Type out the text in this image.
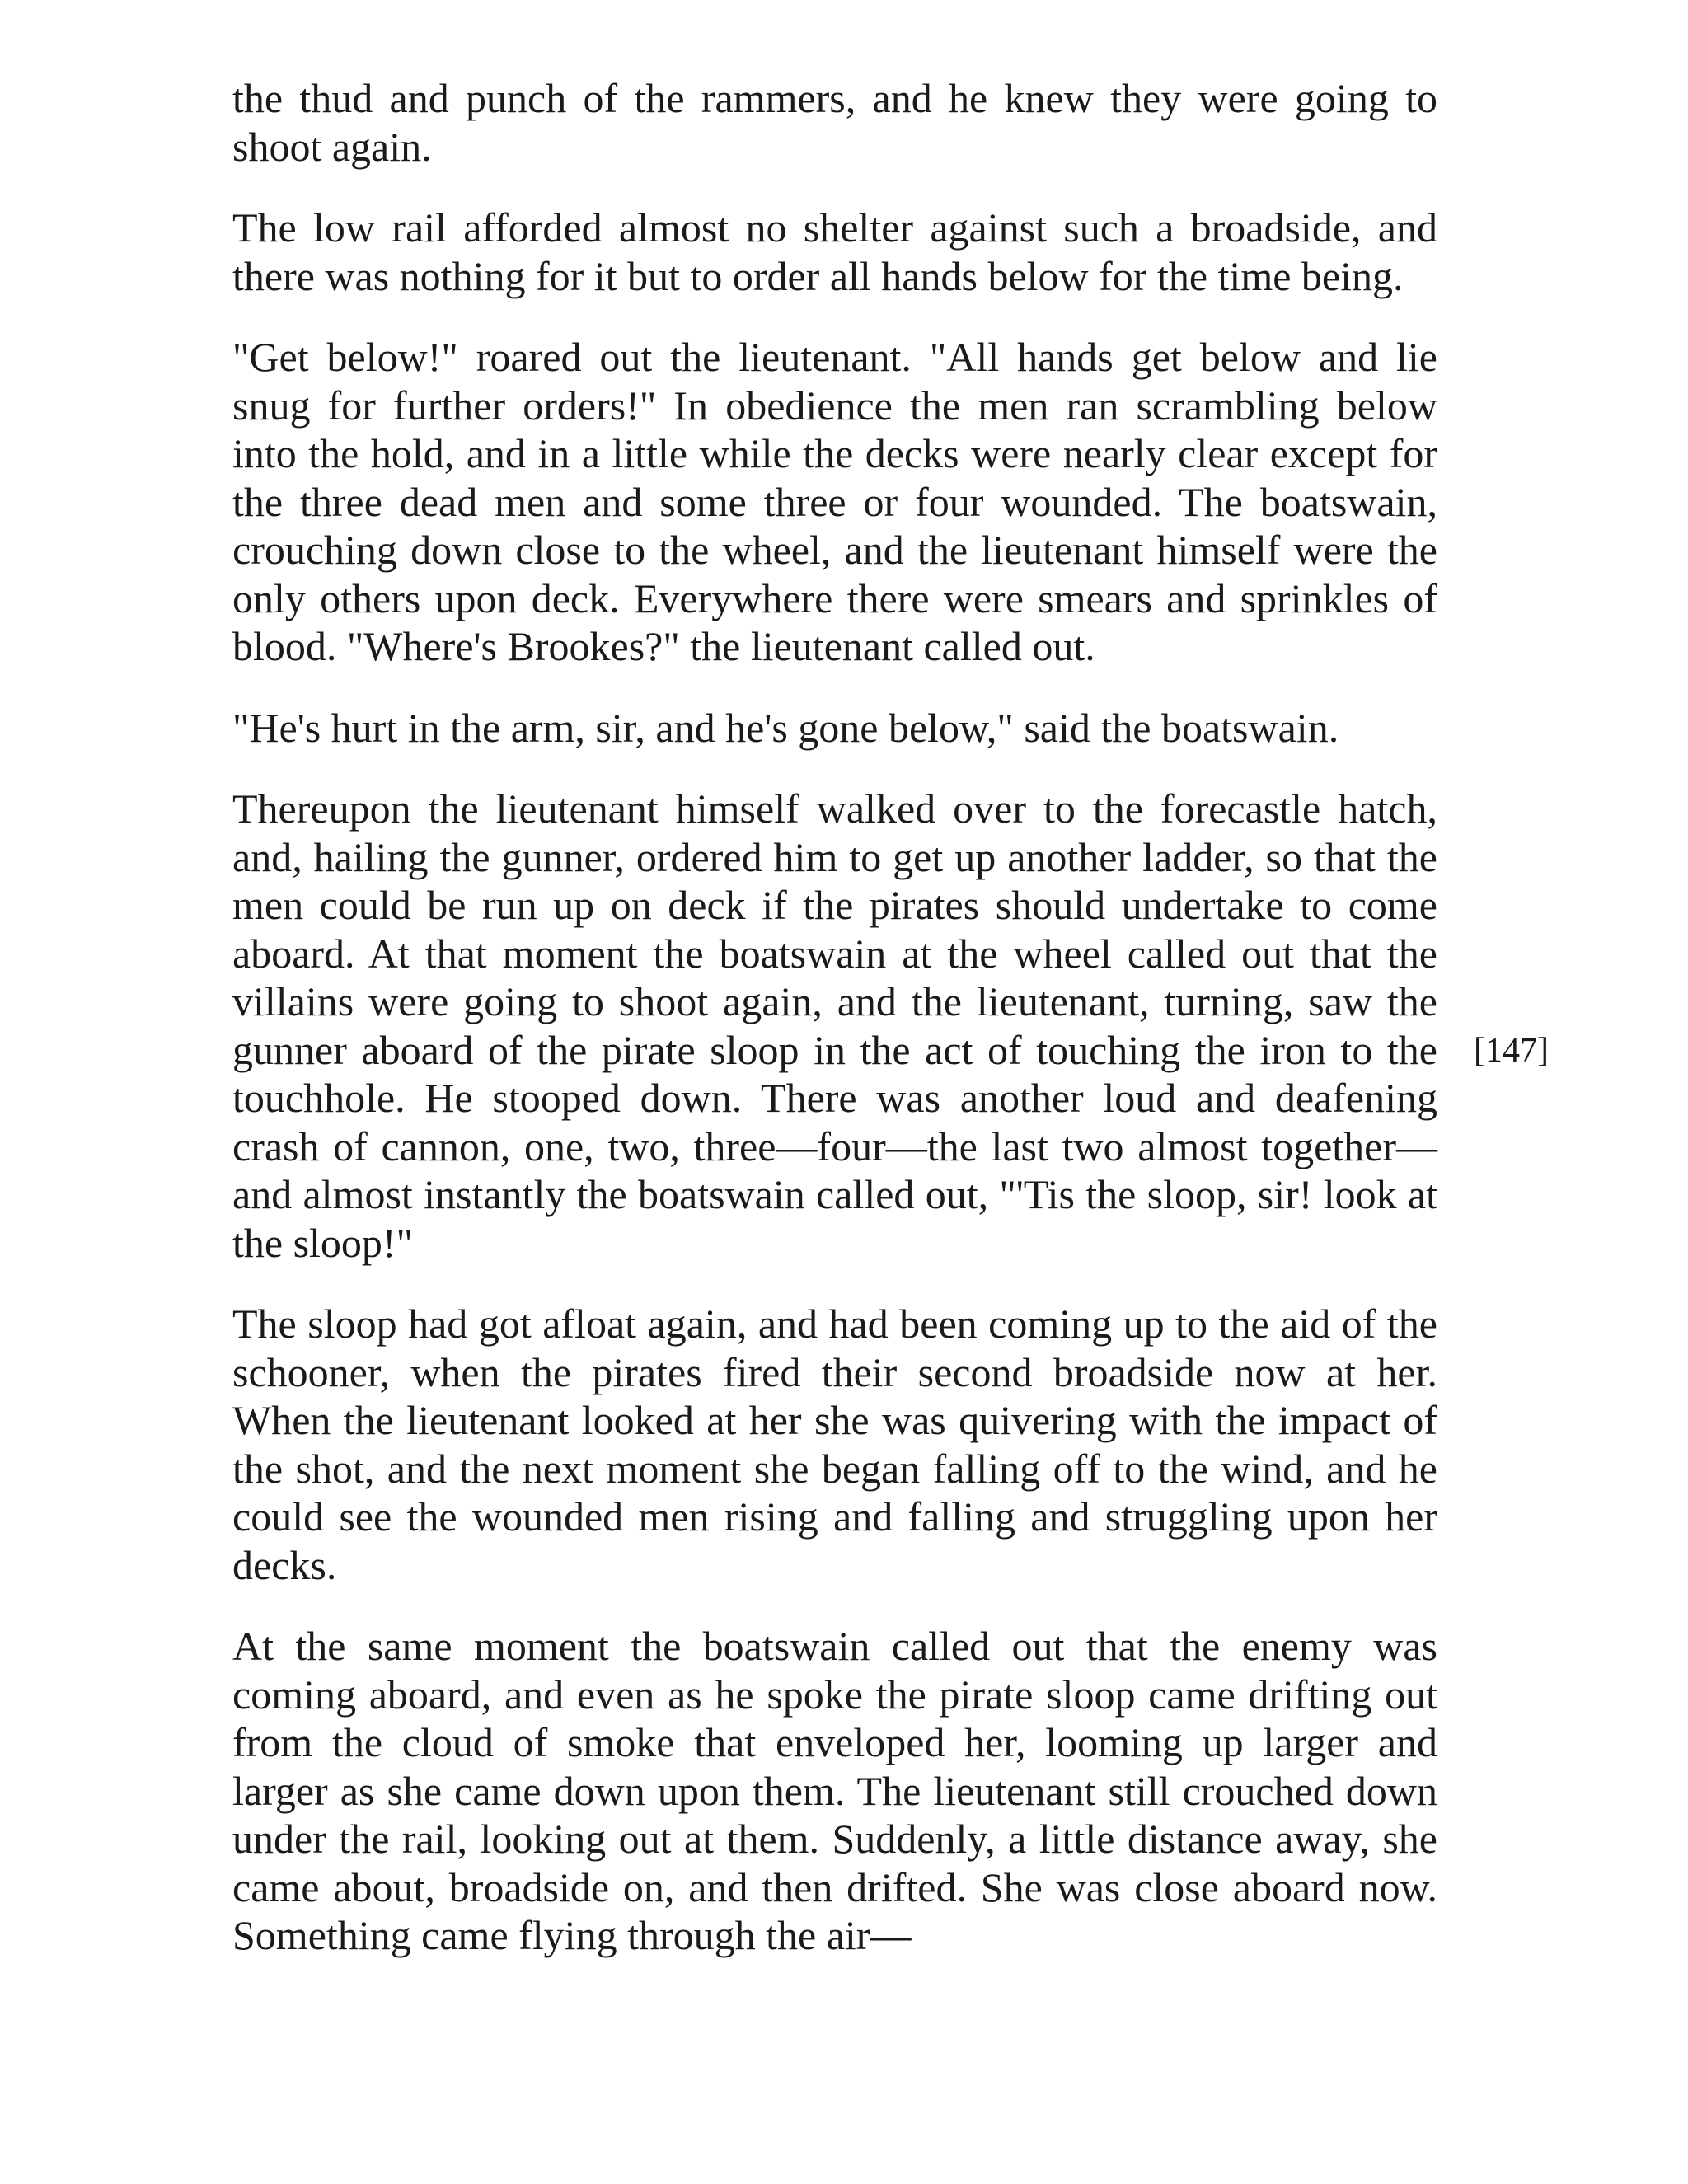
the thud and punch of the rammers, and he knew they were going to shoot again.

The low rail afforded almost no shelter against such a broadside, and there was nothing for it but to order all hands below for the time being.

"Get below!" roared out the lieutenant. "All hands get below and lie snug for further orders!" In obedience the men ran scrambling below into the hold, and in a little while the decks were nearly clear except for the three dead men and some three or four wounded. The boatswain, crouching down close to the wheel, and the lieutenant himself were the only others upon deck. Everywhere there were smears and sprinkles of blood. "Where's Brookes?" the lieutenant called out.

"He's hurt in the arm, sir, and he's gone below," said the boatswain.

Thereupon the lieutenant himself walked over to the forecastle hatch, and, hailing the gunner, ordered him to get up another ladder, so that the men could be run up on deck if the pirates should undertake to come aboard. At that moment the boatswain at the wheel called out that the villains were going to shoot again, and the lieutenant, turning, saw the gunner aboard of the pirate sloop in the act of touching the iron to the touchhole. He stooped down. There was another loud and deafening crash of cannon, one, two, three—four—the last two almost together—and almost instantly the boatswain called out, "'Tis the sloop, sir! look at the sloop!"

The sloop had got afloat again, and had been coming up to the aid of the schooner, when the pirates fired their second broadside now at her. When the lieutenant looked at her she was quivering with the impact of the shot, and the next moment she began falling off to the wind, and he could see the wounded men rising and falling and struggling upon her decks.

At the same moment the boatswain called out that the enemy was coming aboard, and even as he spoke the pirate sloop came drifting out from the cloud of smoke that enveloped her, looming up larger and larger as she came down upon them. The lieutenant still crouched down under the rail, looking out at them. Suddenly, a little distance away, she came about, broadside on, and then drifted. She was close aboard now. Something came flying through the air—

[147]
